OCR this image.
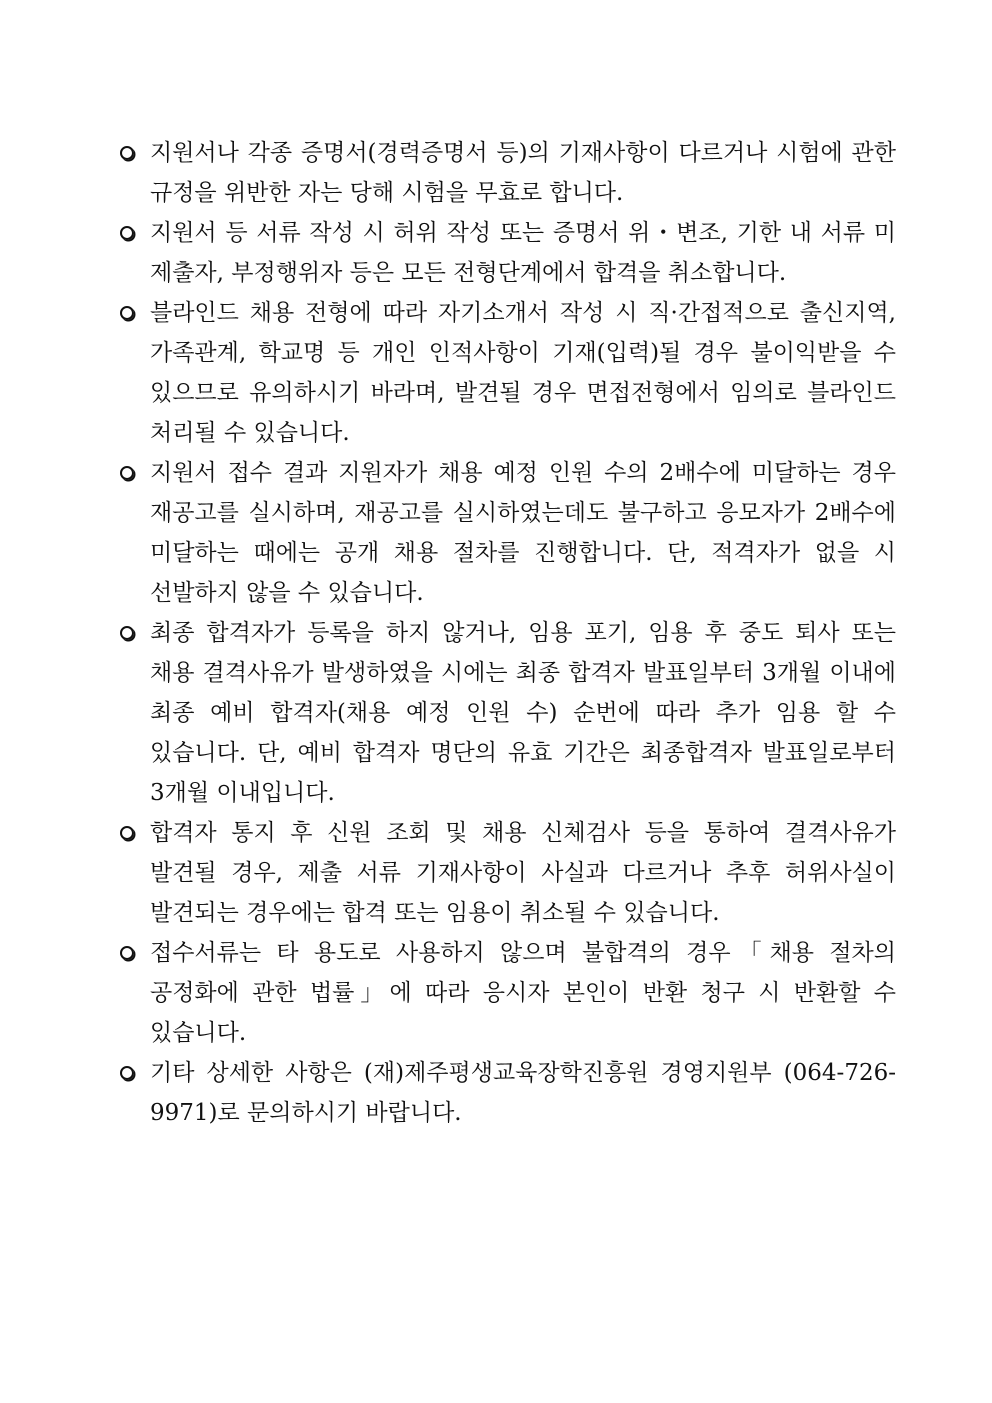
지원서나 각종 증명서(경력증명서 등)의 기재사항이 다르거나 시험에 관한 규정을 위반한 자는 당해 시험을 무효로 합니다.
지원서 등 서류 작성 시 허위 작성 또는 증명서 위・변조, 기한 내 서류 미 제출자, 부정행위자 등은 모든 전형단계에서 합격을 취소합니다.
블라인드 채용 전형에 따라 자기소개서 작성 시 직·간접적으로 출신지역, 가족관계, 학교명 등 개인 인적사항이 기재(입력)될 경우 불이익받을 수 있으므로 유의하시기 바라며, 발견될 경우 면접전형에서 임의로 블라인드 처리될 수 있습니다.
지원서 접수 결과 지원자가 채용 예정 인원 수의 2배수에 미달하는 경우 재공고를 실시하며, 재공고를 실시하였는데도 불구하고 응모자가 2배수에 미달하는 때에는 공개 채용 절차를 진행합니다. 단, 적격자가 없을 시 선발하지 않을 수 있습니다.
최종 합격자가 등록을 하지 않거나, 임용 포기, 임용 후 중도 퇴사 또는 채용 결격사유가 발생하였을 시에는 최종 합격자 발표일부터 3개월 이내에 최종 예비 합격자(채용 예정 인원 수) 순번에 따라 추가 임용 할 수 있습니다. 단, 예비 합격자 명단의 유효 기간은 최종합격자 발표일로부터 3개월 이내입니다.
합격자 통지 후 신원 조회 및 채용 신체검사 등을 통하여 결격사유가 발견될 경우, 제출 서류 기재사항이 사실과 다르거나 추후 허위사실이 발견되는 경우에는 합격 또는 임용이 취소될 수 있습니다.
접수서류는 타 용도로 사용하지 않으며 불합격의 경우「채용 절차의 공정화에 관한 법률」에 따라 응시자 본인이 반환 청구 시 반환할 수 있습니다.
기타 상세한 사항은 (재)제주평생교육장학진흥원 경영지원부 (064-726-9971)로 문의하시기 바랍니다.
